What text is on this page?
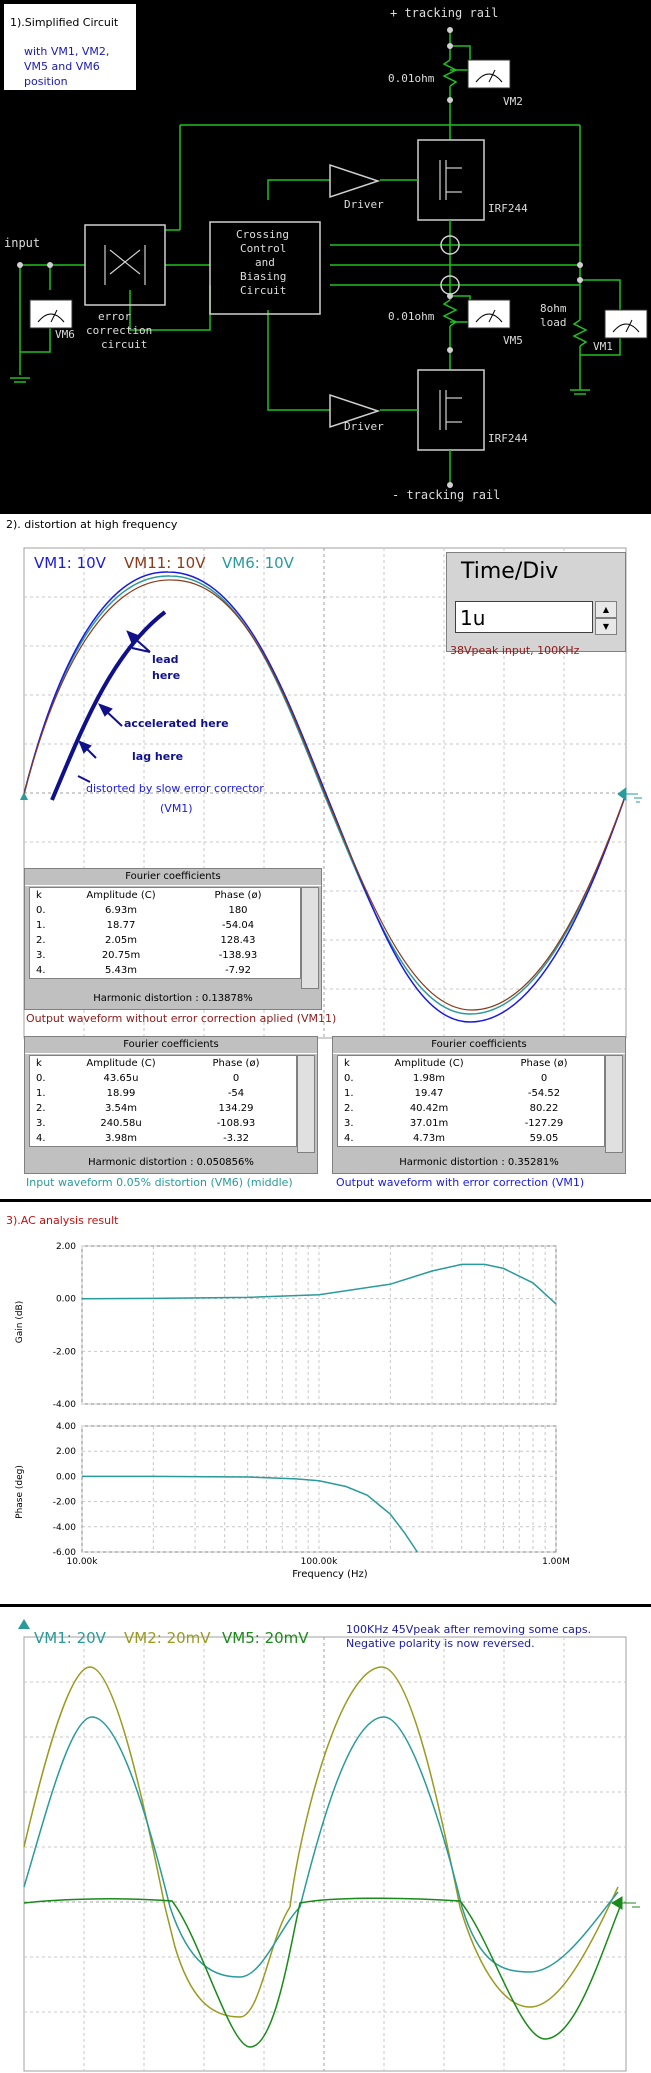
1).Simplified Circuit
with VM1, VM2, VM5 and VM6 position
+ tracking rail
- tracking rail
0.01ohm
0.01ohm
VM2
VM5	VM1
VM6
Driver
Driver
IRF244
IRF244
input
error
correction
circuit
Crossing
Control
and
Biasing
Circuit
8ohm
load
2). distortion at high frequency
VM1: 10V VM11: 10V VM6: 10V	Time/Div
1u	▲
▼
38Vpeak input, 100KHz
lead here
accelerated here
lag here
distorted by slow error corrector
(VM1)
Fourier coefficients
k	Amplitude (C)	Phase (ø)
0.	6.93m	180
1.	18.77	-54.04
2.	2.05m	128.43
3.	20.75m	-138.93
4.	5.43m	-7.92
Harmonic distortion : 0.13878%
Output waveform without error correction aplied (VM11)
Fourier coefficients
k	Amplitude (C)	Phase (ø)
0.	43.65u	0
1.	18.99	-54
2.	3.54m	134.29
3.	240.58u	-108.93
4.	3.98m	-3.32
Harmonic distortion : 0.050856%
Input waveform 0.05% distortion (VM6) (middle)
Fourier coefficients
k	Amplitude (C)	Phase (ø)
0.	1.98m	0
1.	19.47	-54.52
2.	40.42m	80.22
3.	37.01m	-127.29
4.	4.73m	59.05
Harmonic distortion : 0.35281%
Output waveform with error correction (VM1)
3).AC analysis result
Gain (dB)
Phase (deg)
Frequency (Hz)
2.00
0.00
-2.00
-4.00
4.00
2.00
0.00
-2.00
-4.00
-6.00
10.00k	100.00k	1.00M
VM1: 20V VM2: 20mV VM5: 20mV	100KHz 45Vpeak after removing some caps.
Negative polarity is now reversed.
